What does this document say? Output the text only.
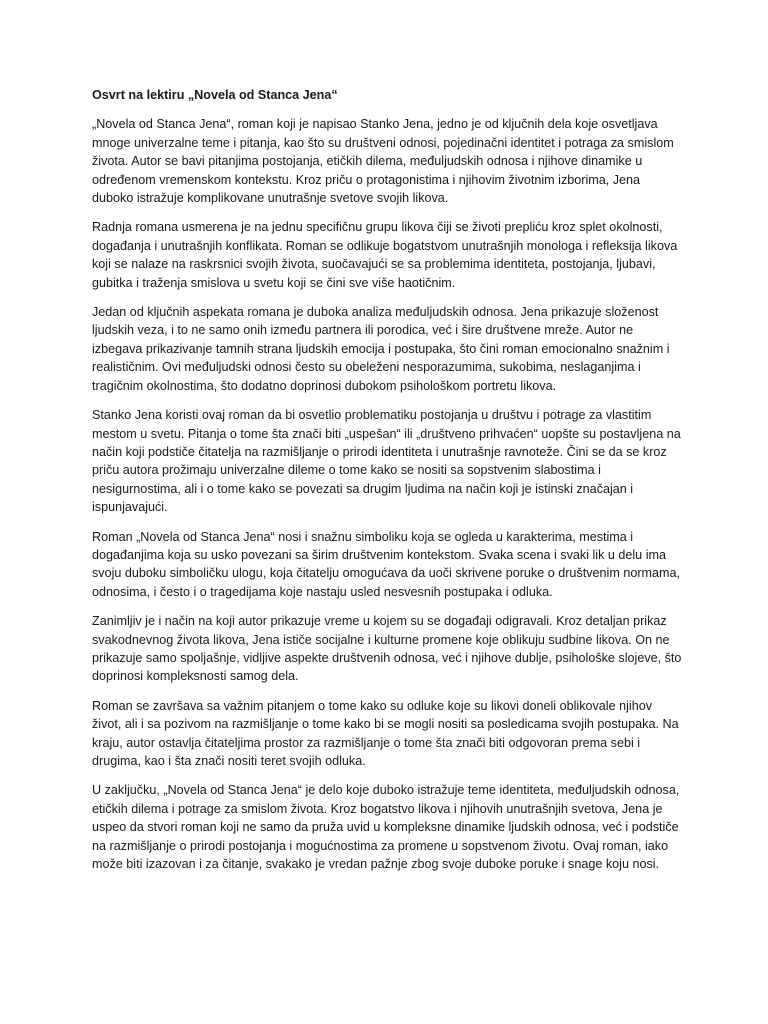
Osvrt na lektiru „Novela od Stanca Jena“

„Novela od Stanca Jena“, roman koji je napisao Stanko Jena, jedno je od ključnih dela koje osvetljava mnoge univerzalne teme i pitanja, kao što su društveni odnosi, pojedinačni identitet i potraga za smislom života. Autor se bavi pitanjima postojanja, etičkih dilema, međuljudskih odnosa i njihove dinamike u određenom vremenskom kontekstu. Kroz priču o protagonistima i njihovim životnim izborima, Jena duboko istražuje komplikovane unutrašnje svetove svojih likova.

Radnja romana usmerena je na jednu specifičnu grupu likova čiji se životi prepliću kroz splet okolnosti, događanja i unutrašnjih konflikata. Roman se odlikuje bogatstvom unutrašnjih monologa i refleksija likova koji se nalaze na raskrsnici svojih života, suočavajući se sa problemima identiteta, postojanja, ljubavi, gubitka i traženja smislova u svetu koji se čini sve više haotičnim.

Jedan od ključnih aspekata romana je duboka analiza međuljudskih odnosa. Jena prikazuje složenost ljudskih veza, i to ne samo onih između partnera ili porodica, već i šire društvene mreže. Autor ne izbegava prikazivanje tamnih strana ljudskih emocija i postupaka, što čini roman emocionalno snažnim i realističnim. Ovi međuljudski odnosi često su obeleženi nesporazumima, sukobima, neslaganjima i tragičnim okolnostima, što dodatno doprinosi dubokom psihološkom portretu likova.

Stanko Jena koristi ovaj roman da bi osvetlio problematiku postojanja u društvu i potrage za vlastitim mestom u svetu. Pitanja o tome šta znači biti „uspešan“ ili „društveno prihvaćen“ uopšte su postavljena na način koji podstiče čitatelja na razmišljanje o prirodi identiteta i unutrašnje ravnoteže. Čini se da se kroz priču autora prožimaju univerzalne dileme o tome kako se nositi sa sopstvenim slabostima i nesigurnostima, ali i o tome kako se povezati sa drugim ljudima na način koji je istinski značajan i ispunjavajući.

Roman „Novela od Stanca Jena“ nosi i snažnu simboliku koja se ogleda u karakterima, mestima i događanjima koja su usko povezani sa širim društvenim kontekstom. Svaka scena i svaki lik u delu ima svoju duboku simboličku ulogu, koja čitatelju omogućava da uoči skrivene poruke o društvenim normama, odnosima, i često i o tragedijama koje nastaju usled nesvesnih postupaka i odluka.

Zanimljiv je i način na koji autor prikazuje vreme u kojem su se događaji odigravali. Kroz detaljan prikaz svakodnevnog života likova, Jena ističe socijalne i kulturne promene koje oblikuju sudbine likova. On ne prikazuje samo spoljašnje, vidljive aspekte društvenih odnosa, već i njihove dublje, psihološke slojeve, što doprinosi kompleksnosti samog dela.

Roman se završava sa važnim pitanjem o tome kako su odluke koje su likovi doneli oblikovale njihov život, ali i sa pozivom na razmišljanje o tome kako bi se mogli nositi sa posledicama svojih postupaka. Na kraju, autor ostavlja čitateljima prostor za razmišljanje o tome šta znači biti odgovoran prema sebi i drugima, kao i šta znači nositi teret svojih odluka.

U zaključku, „Novela od Stanca Jena“ je delo koje duboko istražuje teme identiteta, međuljudskih odnosa, etičkih dilema i potrage za smislom života. Kroz bogatstvo likova i njihovih unutrašnjih svetova, Jena je uspeo da stvori roman koji ne samo da pruža uvid u kompleksne dinamike ljudskih odnosa, već i podstiče na razmišljanje o prirodi postojanja i mogućnostima za promene u sopstvenom životu. Ovaj roman, iako može biti izazovan i za čitanje, svakako je vredan pažnje zbog svoje duboke poruke i snage koju nosi.
